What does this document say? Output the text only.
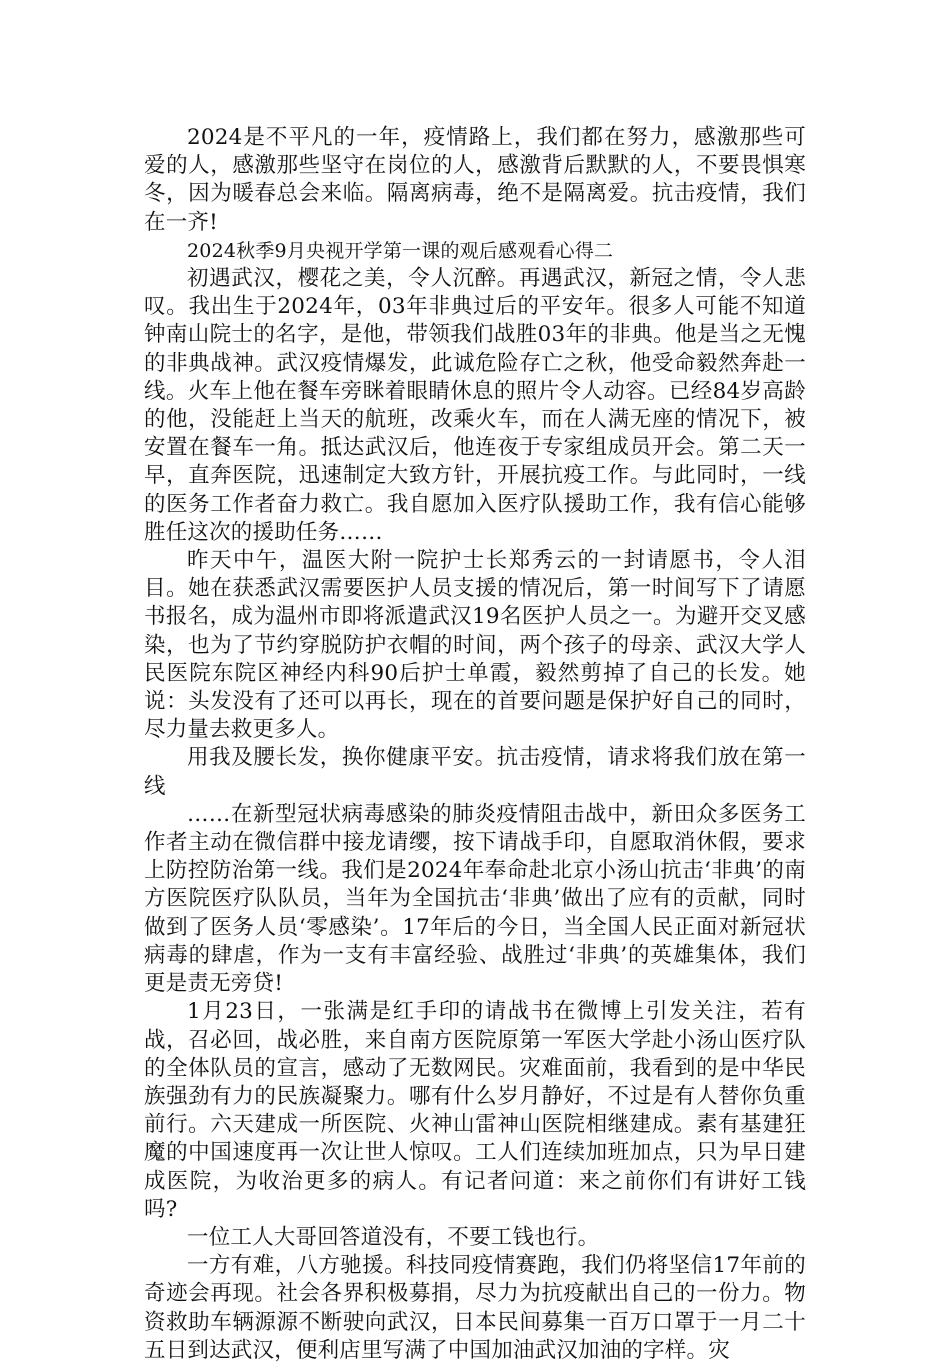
2024是不平凡的一年，疫情路上，我们都在努力，感激那些可爱的人，感激那些坚守在岗位的人，感激背后默默的人，不要畏惧寒冬，因为暖春总会来临。隔离病毒，绝不是隔离爱。抗击疫情，我们在一齐!

2024秋季9月央视开学第一课的观后感观看心得二

初遇武汉，樱花之美，令人沉醉。再遇武汉，新冠之情，令人悲叹。我出生于2024年，03年非典过后的平安年。很多人可能不知道钟南山院士的名字，是他，带领我们战胜03年的非典。他是当之无愧的非典战神。武汉疫情爆发，此诚危险存亡之秋，他受命毅然奔赴一线。火车上他在餐车旁眯着眼睛休息的照片令人动容。已经84岁高龄的他，没能赶上当天的航班，改乘火车，而在人满无座的情况下，被安置在餐车一角。抵达武汉后，他连夜于专家组成员开会。第二天一早，直奔医院，迅速制定大致方针，开展抗疫工作。与此同时，一线的医务工作者奋力救亡。我自愿加入医疗队援助工作，我有信心能够胜任这次的援助任务……

昨天中午，温医大附一院护士长郑秀云的一封请愿书，令人泪目。她在获悉武汉需要医护人员支援的情况后，第一时间写下了请愿书报名，成为温州市即将派遣武汉19名医护人员之一。为避开交叉感染，也为了节约穿脱防护衣帽的时间，两个孩子的母亲、武汉大学人民医院东院区神经内科90后护士单霞，毅然剪掉了自己的长发。她说：头发没有了还可以再长，现在的首要问题是保护好自己的同时，尽力量去救更多人。

用我及腰长发，换你健康平安。抗击疫情，请求将我们放在第一线

……在新型冠状病毒感染的肺炎疫情阻击战中，新田众多医务工作者主动在微信群中接龙请缨，按下请战手印，自愿取消休假，要求上防控防治第一线。我们是2024年奉命赴北京小汤山抗击‘非典’的南方医院医疗队队员，当年为全国抗击‘非典’做出了应有的贡献，同时做到了医务人员‘零感染’。17年后的今日，当全国人民正面对新冠状病毒的肆虐，作为一支有丰富经验、战胜过‘非典’的英雄集体，我们更是责无旁贷!

1月23日，一张满是红手印的请战书在微博上引发关注，若有战，召必回，战必胜，来自南方医院原第一军医大学赴小汤山医疗队的全体队员的宣言，感动了无数网民。灾难面前，我看到的是中华民族强劲有力的民族凝聚力。哪有什么岁月静好，不过是有人替你负重前行。六天建成一所医院、火神山雷神山医院相继建成。素有基建狂魔的中国速度再一次让世人惊叹。工人们连续加班加点，只为早日建成医院，为收治更多的病人。有记者问道：来之前你们有讲好工钱吗?

一位工人大哥回答道没有，不要工钱也行。

一方有难，八方驰援。科技同疫情赛跑，我们仍将坚信17年前的奇迹会再现。社会各界积极募捐，尽力为抗疫献出自己的一份力。物资救助车辆源源不断驶向武汉，日本民间募集一百万口罩于一月二十五日到达武汉，便利店里写满了中国加油武汉加油的字样。灾
